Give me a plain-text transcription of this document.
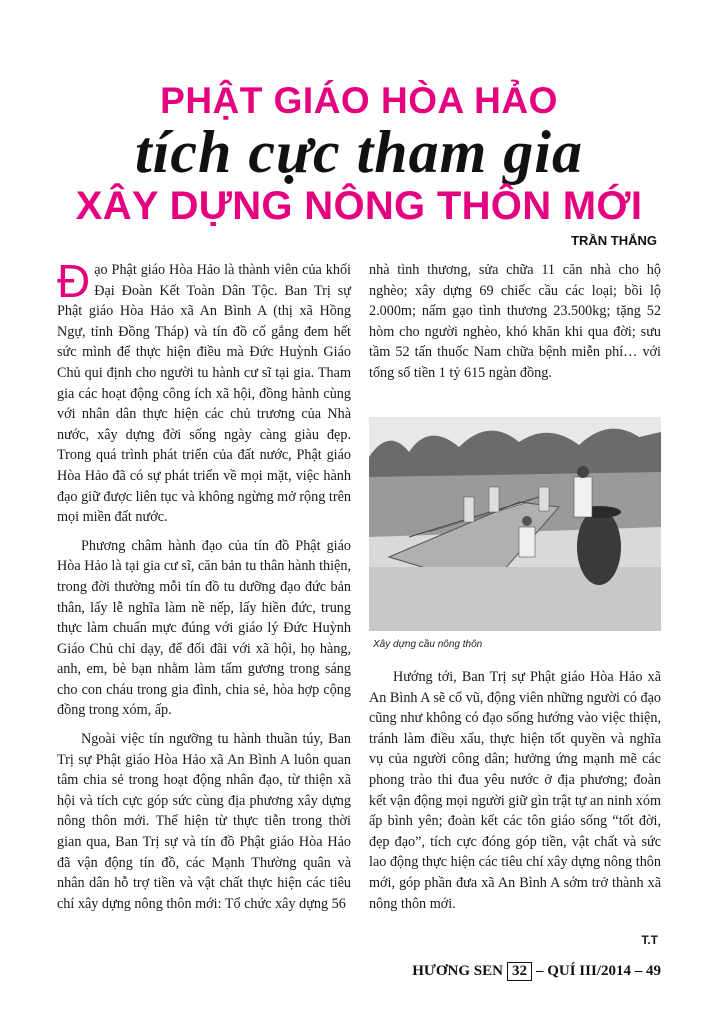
PHẬT GIÁO HÒA HẢO
tích cực tham gia
XÂY DỰNG NÔNG THÔN MỚI
TRẦN THẮNG

Đạo Phật giáo Hòa Hảo là thành viên của khối Đại Đoàn Kết Toàn Dân Tộc. Ban Trị sự Phật giáo Hòa Hảo xã An Bình A (thị xã Hồng Ngự, tỉnh Đồng Tháp) và tín đồ cố gắng đem hết sức mình để thực hiện điều mà Đức Huỳnh Giáo Chủ qui định cho người tu hành cư sĩ tại gia. Tham gia các hoạt động công ích xã hội, đồng hành cùng với nhân dân thực hiện các chủ trương của Nhà nước, xây dựng đời sống ngày càng giàu đẹp. Trong quá trình phát triển của đất nước, Phật giáo Hòa Hảo đã có sự phát triển về mọi mặt, việc hành đạo giữ được liên tục và không ngừng mở rộng trên mọi miền đất nước.

Phương châm hành đạo của tín đồ Phật giáo Hòa Hảo là tại gia cư sĩ, căn bản tu thân hành thiện, trong đời thường mỗi tín đồ tu dưỡng đạo đức bản thân, lấy lễ nghĩa làm nề nếp, lấy hiền đức, trung thực làm chuẩn mực đúng với giáo lý Đức Huỳnh Giáo Chủ chỉ dạy, để đối đãi với xã hội, họ hàng, anh, em, bè bạn nhằm làm tấm gương trong sáng cho con cháu trong gia đình, chia sẻ, hòa hợp cộng đồng trong xóm, ấp.

Ngoài việc tín ngưỡng tu hành thuần túy, Ban Trị sự Phật giáo Hòa Hảo xã An Bình A luôn quan tâm chia sẻ trong hoạt động nhân đạo, từ thiện xã hội và tích cực góp sức cùng địa phương xây dựng nông thôn mới. Thể hiện từ thực tiễn trong thời gian qua, Ban Trị sự và tín đồ Phật giáo Hòa Hảo đã vận động tín đồ, các Mạnh Thường quân và nhân dân hỗ trợ tiền và vật chất thực hiện các tiêu chí xây dựng nông thôn mới: Tổ chức xây dựng 56

nhà tình thương, sửa chữa 11 căn nhà cho hộ nghèo; xây dựng 69 chiếc cầu các loại; bồi lộ 2.000m; nấm gạo tình thương 23.500kg; tặng 52 hòm cho người nghèo, khó khăn khi qua đời; sưu tầm 52 tấn thuốc Nam chữa bệnh miễn phí… với tổng số tiền 1 tỷ 615 ngàn đồng.

Xây dựng cầu nông thôn

Hướng tới, Ban Trị sự Phật giáo Hòa Hảo xã An Bình A sẽ cổ vũ, động viên những người có đạo cũng như không có đạo sống hướng vào việc thiện, tránh làm điều xấu, thực hiện tốt quyền và nghĩa vụ của người công dân; hưởng ứng mạnh mẽ các phong trào thi đua yêu nước ở địa phương; đoàn kết vận động mọi người giữ gìn trật tự an ninh xóm ấp bình yên; đoàn kết các tôn giáo sống “tốt đời, đẹp đạo”, tích cực đóng góp tiền, vật chất và sức lao động thực hiện các tiêu chí xây dựng nông thôn mới, góp phần đưa xã An Bình A sớm trở thành xã nông thôn mới.

T.T
HƯƠNG SEN 32 – QUÍ III/2014 – 49
